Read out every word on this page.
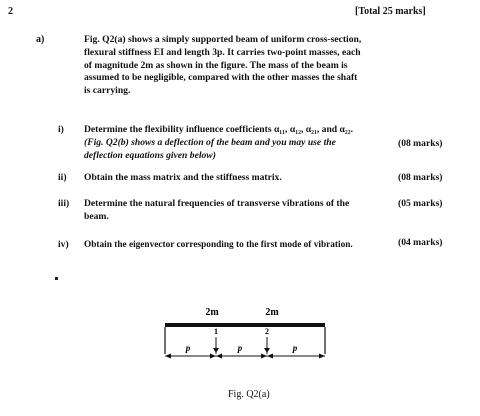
2	[Total 25 marks]
a)	Fig. Q2(a) shows a simply supported beam of uniform cross-section,
flexural stiffness EI and length 3p. It carries two-point masses, each
of magnitude 2m as shown in the figure. The mass of the beam is
assumed to be negligible, compared with the other masses the shaft
is carrying.
i) Determine the flexibility influence coefficients α₁₁, α₁₂, α₂₁, and α₂₂.
(Fig. Q2(b) shows a deflection of the beam and you may use the
deflection equations given below)
(08 marks)
ii) Obtain the mass matrix and the stiffness matrix.	(08 marks)
iii) Determine the natural frequencies of transverse vibrations of the
beam.
(05 marks)
iv) Obtain the eigenvector corresponding to the first mode of vibration.	(04 marks)
2m	2m
1	2
p	p	p
Fig. Q2(a)
